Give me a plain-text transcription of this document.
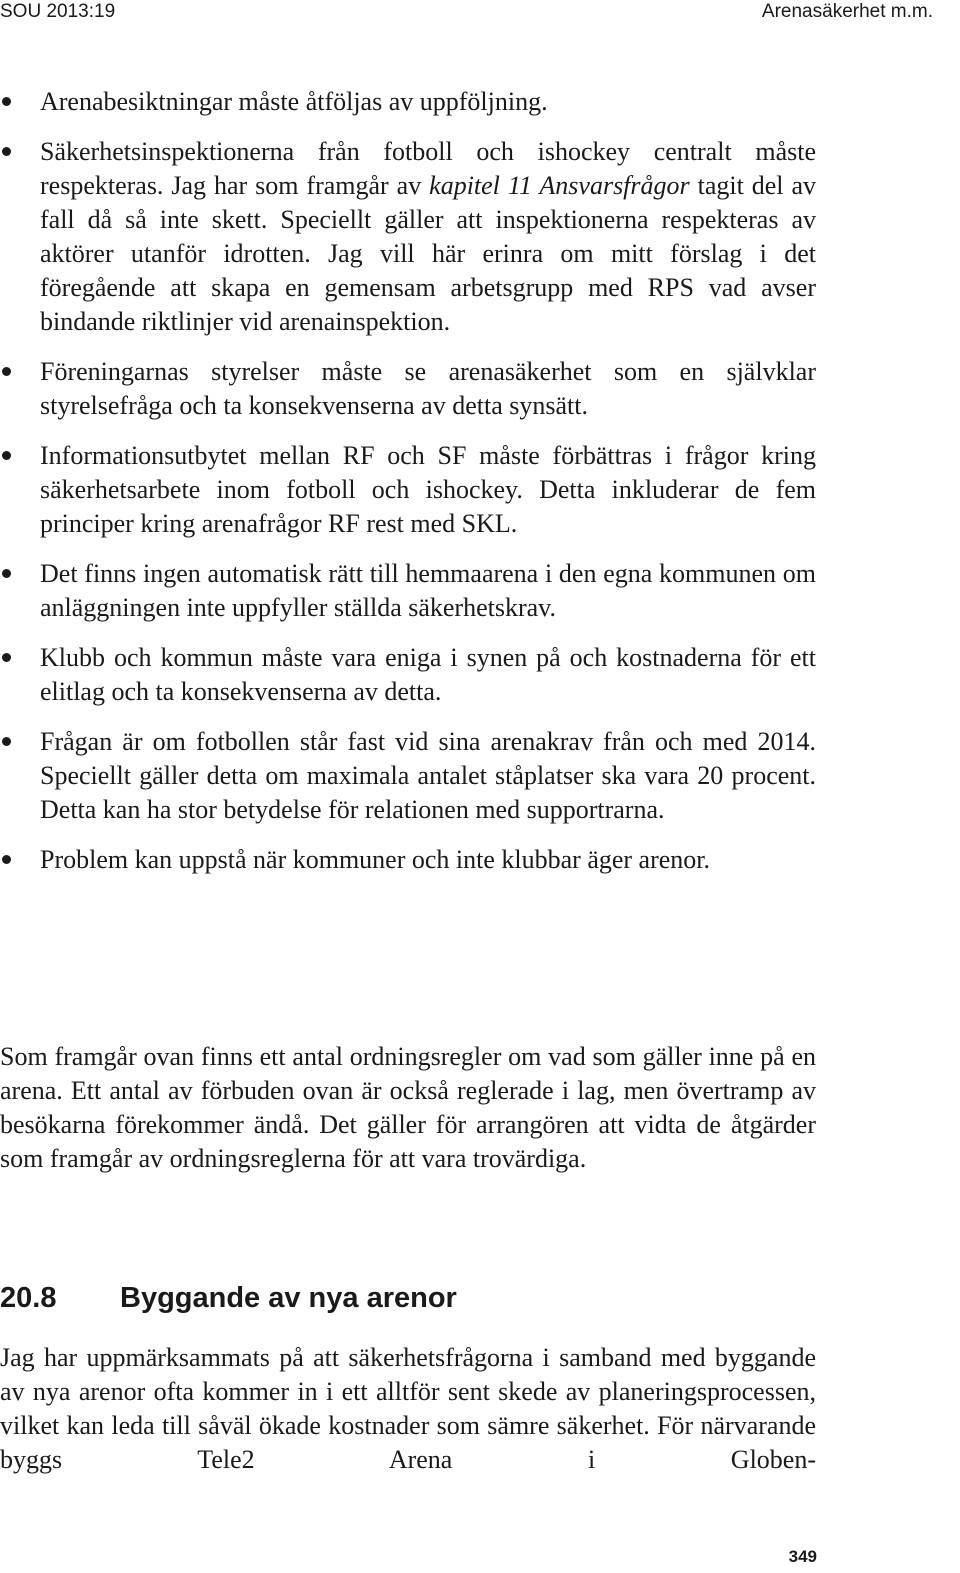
SOU 2013:19	Arenasäkerhet m.m.
Arenabesiktningar måste åtföljas av uppföljning.
Säkerhetsinspektionerna från fotboll och ishockey centralt måste respekteras. Jag har som framgår av kapitel 11 Ansvarsfrågor tagit del av fall då så inte skett. Speciellt gäller att inspektionerna respekteras av aktörer utanför idrotten. Jag vill här erinra om mitt förslag i det föregående att skapa en gemensam arbetsgrupp med RPS vad avser bindande riktlinjer vid arenainspektion.
Föreningarnas styrelser måste se arenasäkerhet som en självklar styrelsefråga och ta konsekvenserna av detta synsätt.
Informationsutbytet mellan RF och SF måste förbättras i frågor kring säkerhetsarbete inom fotboll och ishockey. Detta inkluderar de fem principer kring arenafrågor RF rest med SKL.
Det finns ingen automatisk rätt till hemmaarena i den egna kommunen om anläggningen inte uppfyller ställda säkerhetskrav.
Klubb och kommun måste vara eniga i synen på och kostnaderna för ett elitlag och ta konsekvenserna av detta.
Frågan är om fotbollen står fast vid sina arenakrav från och med 2014. Speciellt gäller detta om maximala antalet ståplatser ska vara 20 procent. Detta kan ha stor betydelse för relationen med supportrarna.
Problem kan uppstå när kommuner och inte klubbar äger arenor.

Som framgår ovan finns ett antal ordningsregler om vad som gäller inne på en arena. Ett antal av förbuden ovan är också reglerade i lag, men övertramp av besökarna förekommer ändå. Det gäller för arrangören att vidta de åtgärder som framgår av ordningsreglerna för att vara trovärdiga.

20.8 Byggande av nya arenor

Jag har uppmärksammats på att säkerhetsfrågorna i samband med byggande av nya arenor ofta kommer in i ett alltför sent skede av planeringsprocessen, vilket kan leda till såväl ökade kostnader som sämre säkerhet. För närvarande byggs Tele2 Arena i Globen-

349
